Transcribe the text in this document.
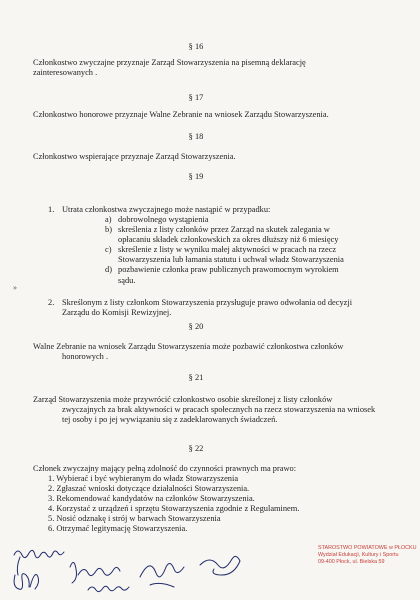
§ 16
Członkostwo zwyczajne przyznaje Zarząd Stowarzyszenia na pisemną deklarację
zainteresowanych .
§ 17
Członkostwo honorowe przyznaje Walne Zebranie na wniosek Zarządu Stowarzyszenia.
§ 18
Członkostwo wspierające przyznaje Zarząd Stowarzyszenia.
§ 19
1. Utrata członkostwa zwyczajnego może nastąpić w przypadku:
a) dobrowolnego wystąpienia
b) skreślenia z listy członków przez Zarząd na skutek zalegania w
opłacaniu składek członkowskich za okres dłuższy niż 6 miesięcy
c) skreślenie z listy w wyniku małej aktywności w pracach na rzecz
Stowarzyszenia lub łamania statutu i uchwał władz Stowarzyszenia
d) pozbawienie członka praw publicznych prawomocnym wyrokiem
sądu.
»
2. Skreślonym z listy członkom Stowarzyszenia przysługuje prawo odwołania od decyzji
Zarządu do Komisji Rewizyjnej.
§ 20
Walne Zebranie na wniosek Zarządu Stowarzyszenia może pozbawić członkostwa członków
honorowych .
§ 21
Zarząd Stowarzyszenia może przywrócić członkostwo osobie skreślonej z listy członków
zwyczajnych za brak aktywności w pracach społecznych na rzecz stowarzyszenia na wniosek
tej osoby i po jej wywiązaniu się z zadeklarowanych świadczeń.
§ 22
Członek zwyczajny mający pełną zdolność do czynności prawnych ma prawo:
1. Wybierać i być wybieranym do władz Stowarzyszenia
2. Zgłaszać wnioski dotyczące działalności Stowarzyszenia.
3. Rekomendować kandydatów na członków Stowarzyszenia.
4. Korzystać z urządzeń i sprzętu Stowarzyszenia zgodnie z Regulaminem.
5. Nosić odznakę i strój w barwach Stowarzyszenia
6. Otrzymać legitymację Stowarzyszenia.
STAROSTWO POWIATOWE w PŁOCKU
Wydział Edukacji, Kultury i Sportu
09-400 Płock, ul. Bielska 59
